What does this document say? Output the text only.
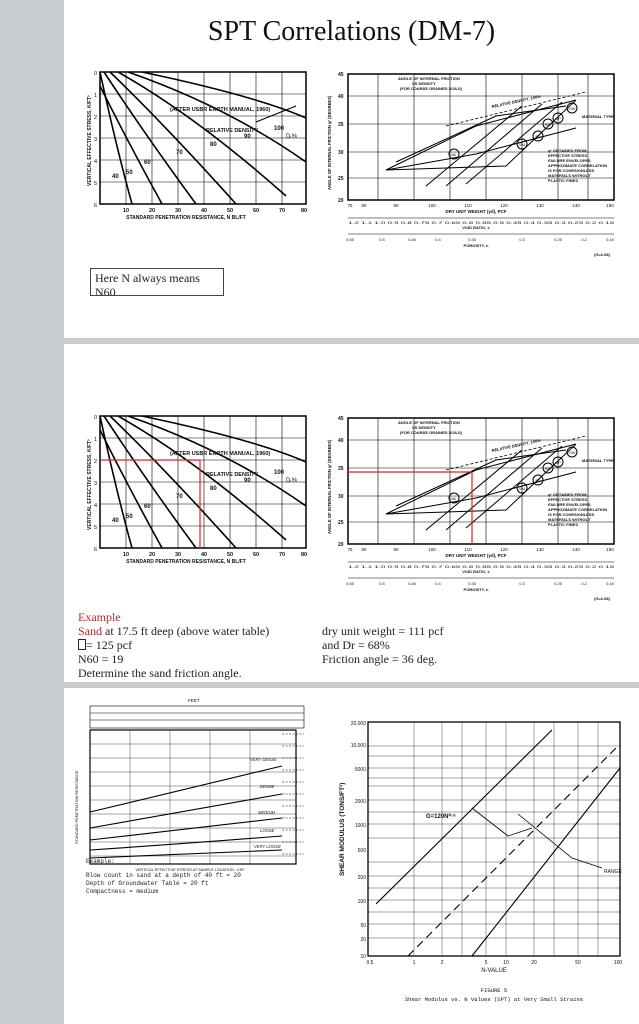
SPT Correlations (DM-7)
(AFTER USBR EARTH MANUAL, 1960)
RELATIVE DENSITY
Dᵣ%
40
50
60
70
80
90
100
0
1
2
3
4
5
6
10	20	30	40	50	60	70	80
STANDARD PENETRATION RESISTANCE, N BL/FT
VERTICAL EFFECTIVE STRESS, K/FT²	RELATIVE DENSITY, 100%
SW
SP
SM
ML
GW
GP	MATERIAL TYPE
ANGLE OF INTERNAL FRICTION
VS DENSITY
(FOR COARSE GRAINED SOILS)
φ' OBTAINED FROM
EFFECTIVE STRESS
FAILURE ENVELOPES
APPROXIMATE CORRELATION
IS FOR COHESIONLESS
MATERIALS WITHOUT
PLASTIC FINES
45
40
35
30
25
20
75 80	90	100	110	120	130	140	150
DRY UNIT WEIGHT (γd), PCF
1.2 1.1 1.0 0.9 0.8 0.75 0.7 0.65 0.6 0.55 0.5 0.45 0.4 0.35 0.3 0.25 0.2 0.15
VOID RATIO, e
0.55	0.5	0.45	0.4	0.35	0.3	0.25	0.2	0.15
POROSITY, n
(G=2.68)
ANGLE OF INTERNAL FRICTION φ' (DEGREES)
Here N always means
N60
(AFTER USBR EARTH MANUAL, 1960)
RELATIVE DENSITY
Dᵣ%
40
50
60
70
80
90
100
0
1
2
3
4
5
6
10	20	30	40	50	60	70	80
STANDARD PENETRATION RESISTANCE, N BL/FT
VERTICAL EFFECTIVE STRESS, K/FT²	RELATIVE DENSITY, 100%
SW
SP
SM
ML
GW
GP	MATERIAL TYPE
ANGLE OF INTERNAL FRICTION
VS DENSITY
(FOR COARSE GRAINED SOILS)
φ' OBTAINED FROM
EFFECTIVE STRESS
FAILURE ENVELOPES
APPROXIMATE CORRELATION
IS FOR COHESIONLESS
MATERIALS WITHOUT
PLASTIC FINES
45
40
35
30
25
20
75 80	90	100	110	120	130	140	150
DRY UNIT WEIGHT (γd), PCF
1.2 1.1 1.0 0.9 0.8 0.75 0.7 0.65 0.6 0.55 0.5 0.45 0.4 0.35 0.3 0.25 0.2 0.15
VOID RATIO, e
0.55	0.5	0.45	0.4	0.35	0.3	0.25	0.2	0.15
POROSITY, n
(G=2.68)
ANGLE OF INTERNAL FRICTION φ' (DEGREES)
Example
Sand at 17.5 ft deep (above water table)
= 125 pcf
N60 = 19
Determine the sand friction angle.
dry unit weight = 111 pcf
and Dr = 68%
Friction angle = 36 deg.
FEET
VERY DENSE
DENSE
MEDIUM
LOOSE
VERY LOOSE
VERTICAL EFFECTIVE STRESS AT SAMPLE LOCATION - KSF
STANDARD PENETRATION RESISTANCE
Example:
Blow count in sand at a depth of 40 ft = 20
Depth of Groundwater Table = 20 ft
Compactness = medium
G=120N⁰·⁸
RANGE
20,000
10,000
5000
2000
1000
500
200
100
50
20
10
0.5	1	2	5	10	20	50	100
N-VALUE
SHEAR MODULUS (TONS/FT²)
FIGURE 5
Shear Modulus vs. N Values (SPT) at Very Small Strains
